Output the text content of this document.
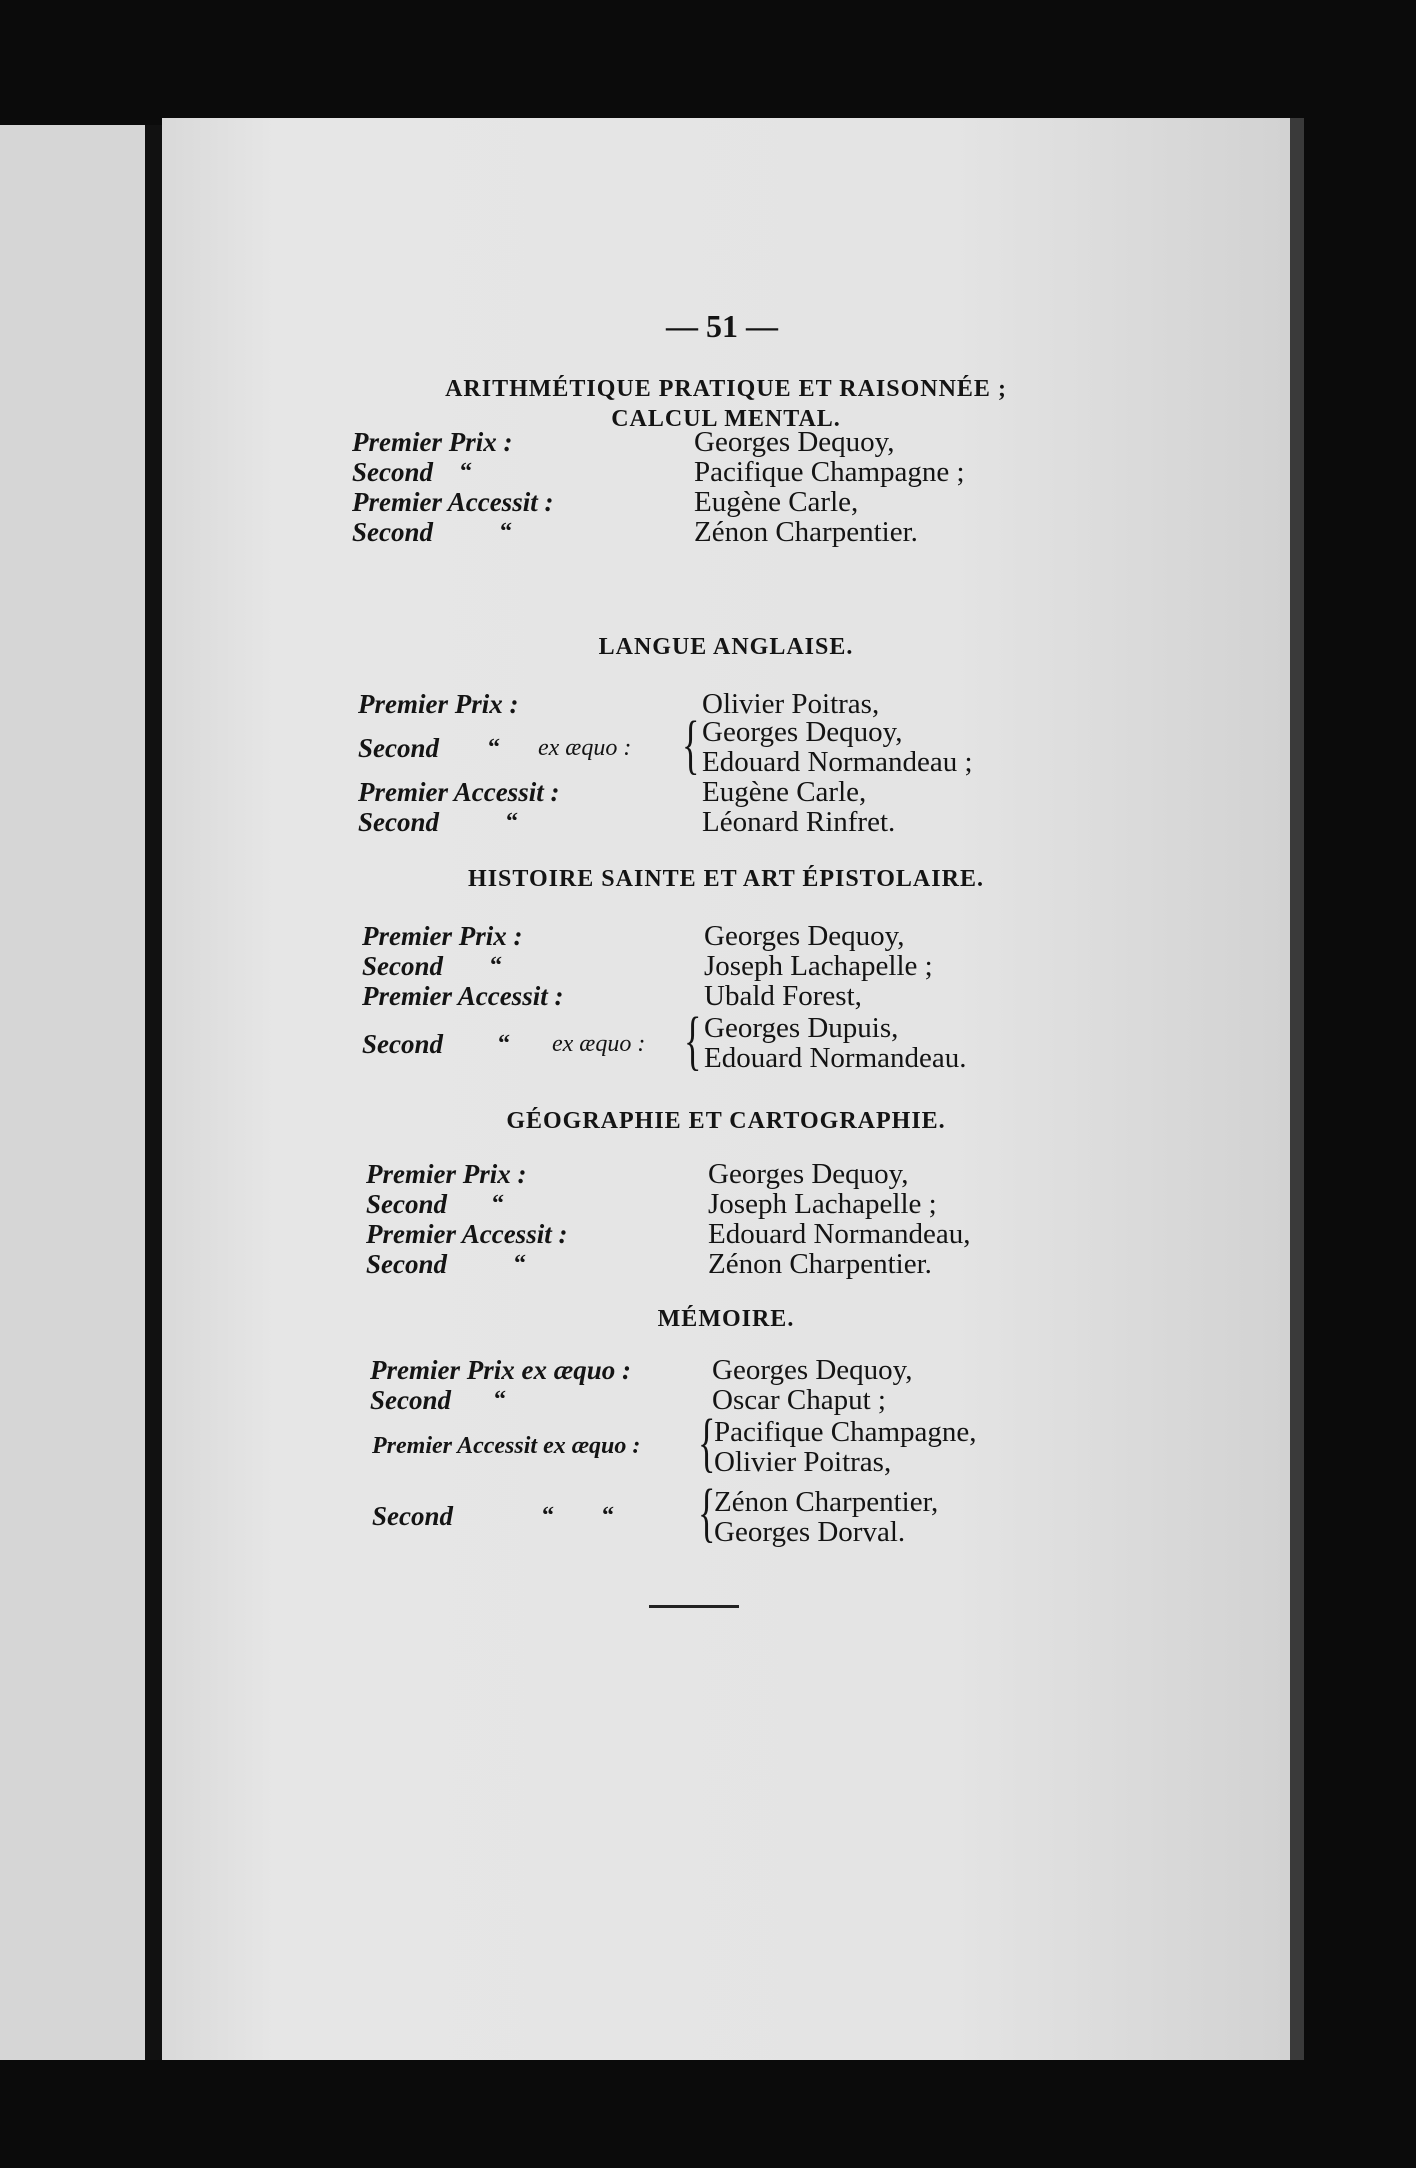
— 51 —
ARITHMÉTIQUE PRATIQUE ET RAISONNÉE ;
CALCUL MENTAL.
Premier Prix :	Georges Dequoy,
Second “	Pacifique Champagne ;
Premier Accessit :	Eugène Carle,
Second	“	Zénon Charpentier.
LANGUE ANGLAISE.
Premier Prix :	Olivier Poitras,
Second “ ex æquo : { Georges Dequoy,
Edouard Normandeau ;
Premier Accessit :	Eugène Carle,
Second	“	Léonard Rinfret.
HISTOIRE SAINTE ET ART ÉPISTOLAIRE.
Premier Prix :	Georges Dequoy,
Second “	Joseph Lachapelle ;
Premier Accessit :	Ubald Forest,
Second “ ex æquo : { Georges Dupuis,
Edouard Normandeau.
GÉOGRAPHIE ET CARTOGRAPHIE.
Premier Prix :	Georges Dequoy,
Second “	Joseph Lachapelle ;
Premier Accessit :	Edouard Normandeau,
Second	“	Zénon Charpentier.
MÉMOIRE.
Premier Prix ex æquo :	Georges Dequoy,
Second “	Oscar Chaput ;
Premier Accessit ex æquo : {
Pacifique Champagne,
Olivier Poitras,
Second	“ “ {
Zénon Charpentier,
Georges Dorval.
